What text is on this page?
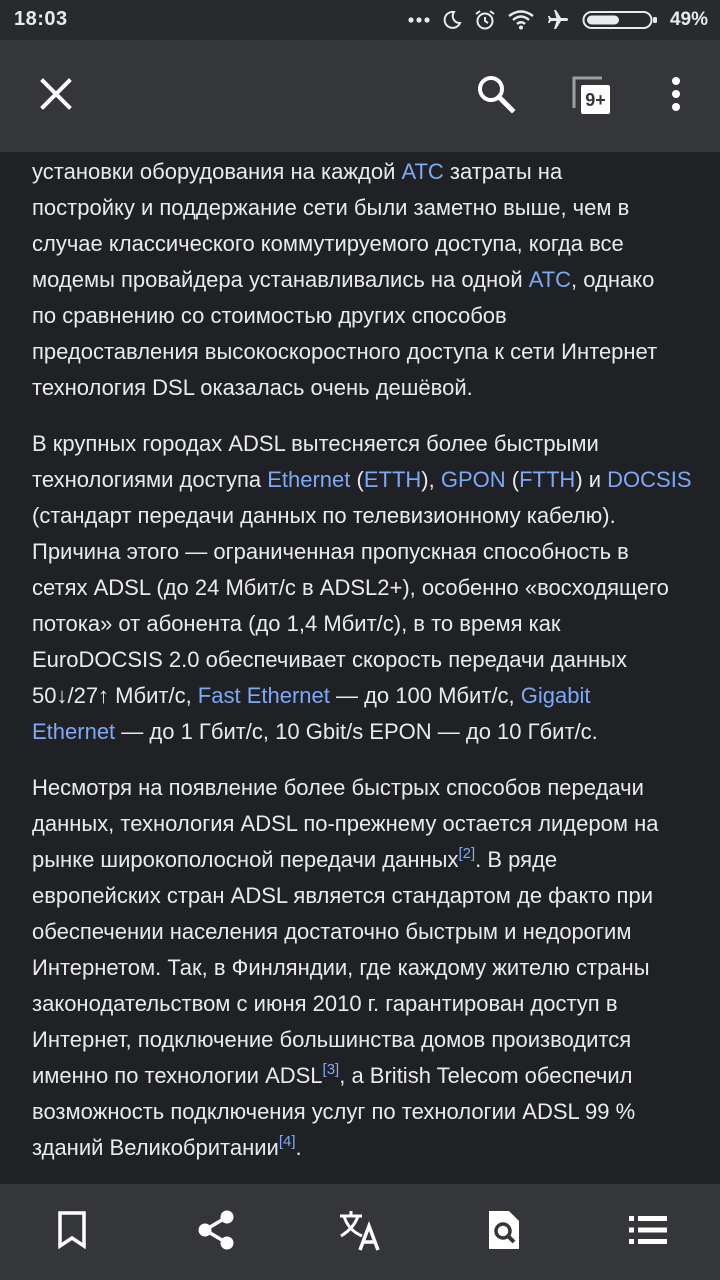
18:03	49%
9+

установки оборудования на каждой АТС затраты на
постройку и поддержание сети были заметно выше, чем в
случае классического коммутируемого доступа, когда все
модемы провайдера устанавливались на одной АТС, однако
по сравнению со стоимостью других способов
предоставления высокоскоростного доступа к сети Интернет
технология DSL оказалась очень дешёвой.

В крупных городах ADSL вытесняется более быстрыми
технологиями доступа Ethernet (ETTH), GPON (FTTH) и DOCSIS
(стандарт передачи данных по телевизионному кабелю).
Причина этого — ограниченная пропускная способность в
сетях ADSL (до 24 Мбит/с в ADSL2+), особенно «восходящего
потока» от абонента (до 1,4 Мбит/с), в то время как
EuroDOCSIS 2.0 обеспечивает скорость передачи данных
50↓/27↑ Мбит/с, Fast Ethernet — до 100 Мбит/с, Gigabit
Ethernet — до 1 Гбит/с, 10 Gbit/s EPON — до 10 Гбит/с.

Несмотря на появление более быстрых способов передачи
данных, технология ADSL по-прежнему остается лидером на
рынке широкополосной передачи данных[2]. В ряде
европейских стран ADSL является стандартом де факто при
обеспечении населения достаточно быстрым и недорогим
Интернетом. Так, в Финляндии, где каждому жителю страны
законодательством с июня 2010 г. гарантирован доступ в
Интернет, подключение большинства домов производится
именно по технологии ADSL[3], а British Telecom обеспечил
возможность подключения услуг по технологии ADSL 99 %
зданий Великобритании[4].
